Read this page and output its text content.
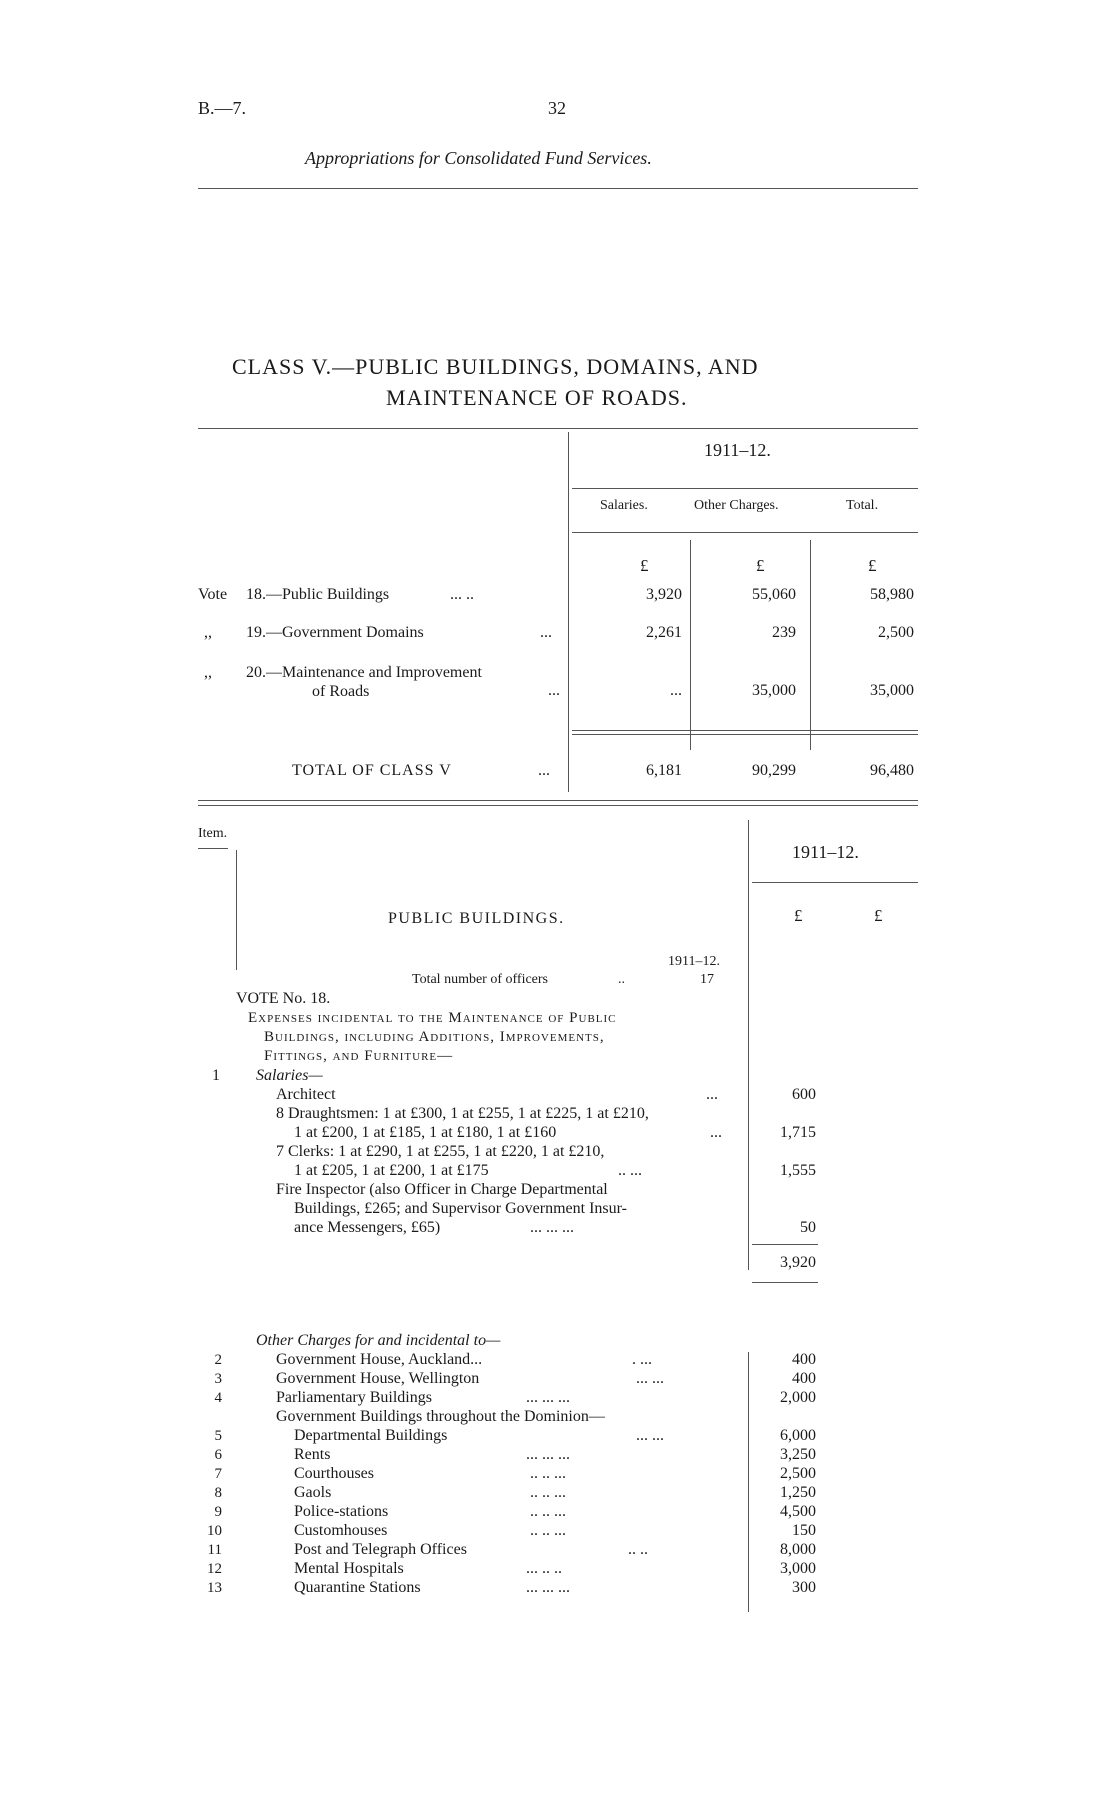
B.—7.	32
Appropriations for Consolidated Fund Services.
CLASS V.—PUBLIC BUILDINGS, DOMAINS, AND
MAINTENANCE OF ROADS.
1911–12.
Salaries.	Other Charges.	Total.
£	£	£
Vote 18.—Public Buildings	... ..	3,920	55,060	58,980
,, 19.—Government Domains	...	2,261	239	2,500
,, 20.—Maintenance and Improvement
of Roads	...	...	35,000	35,000
TOTAL OF CLASS V	...	6,181	90,299	96,480
Item.
1911–12.
£	£
PUBLIC BUILDINGS.
1911–12.
Total number of officers	..	17
VOTE No. 18.
Expenses incidental to the Maintenance of Public
Buildings, including Additions, Improvements,
Fittings, and Furniture—
1 Salaries—
Architect	...	600
8 Draughtsmen: 1 at £300, 1 at £255, 1 at £225, 1 at £210,
1 at £200, 1 at £185, 1 at £180, 1 at £160	...	1,715
7 Clerks: 1 at £290, 1 at £255, 1 at £220, 1 at £210,
1 at £205, 1 at £200, 1 at £175	.. ...	1,555
Fire Inspector (also Officer in Charge Departmental
Buildings, £265; and Supervisor Government Insur-
ance Messengers, £65)	... ... ...	50
3,920
Other Charges for and incidental to—
2	Government House, Auckland...	. ...	400
3	Government House, Wellington	... ...	400
4	Parliamentary Buildings	... ... ...	2,000
Government Buildings throughout the Dominion—
5	Departmental Buildings	... ...	6,000
6	Rents	... ... ...	3,250
7	Courthouses	.. .. ...	2,500
8	Gaols	.. .. ...	1,250
9	Police-stations	.. .. ...	4,500
10	Customhouses	.. .. ...	150
11	Post and Telegraph Offices	.. ..	8,000
12	Mental Hospitals	... .. ..	3,000
13	Quarantine Stations	... ... ...	300
